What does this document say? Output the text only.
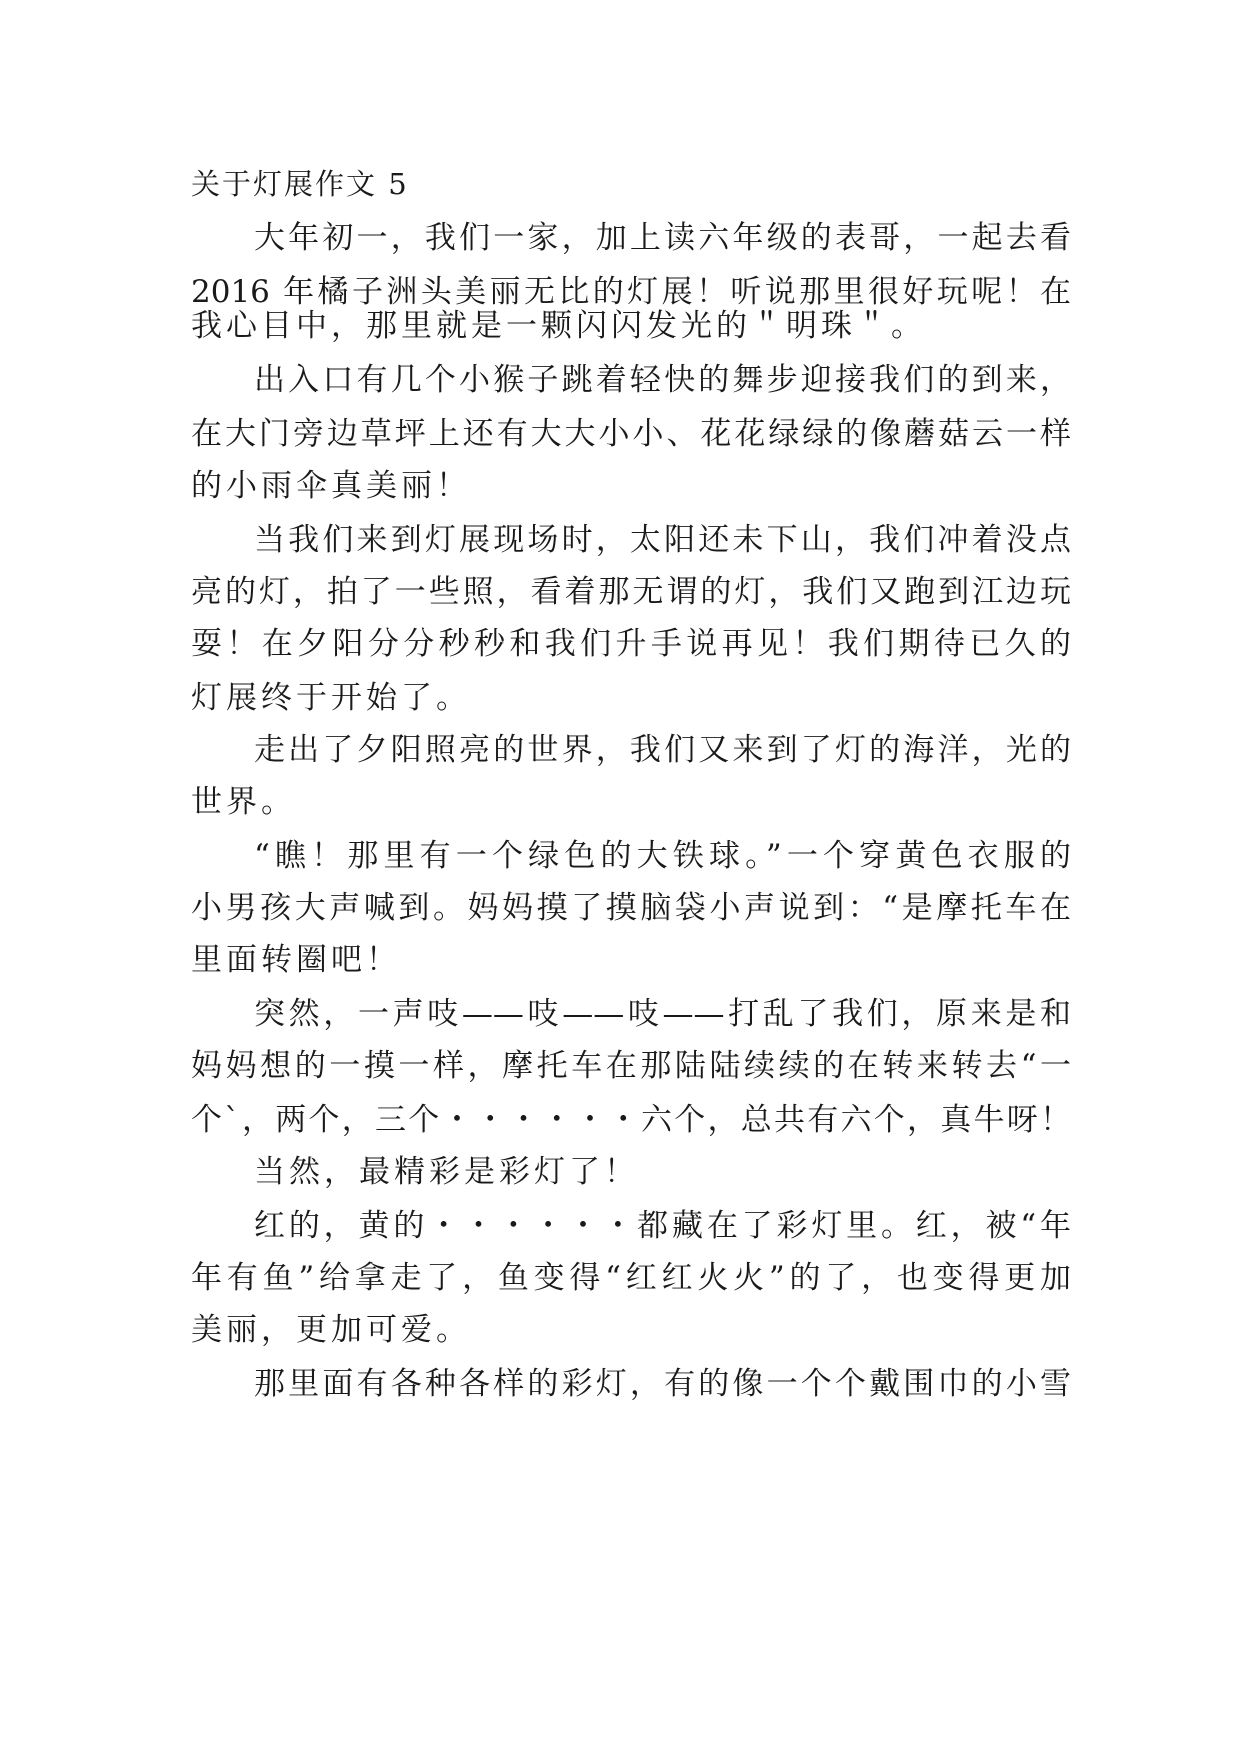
关于灯展作文 5
大年初一，我们一家，加上读六年级的表哥，一起去看
2016 年橘子洲头美丽无比的灯展！听说那里很好玩呢！在
我心目中，那里就是一颗闪闪发光的＂明珠＂。
出入口有几个小猴子跳着轻快的舞步迎接我们的到来，
在大门旁边草坪上还有大大小小、花花绿绿的像蘑菇云一样
的小雨伞真美丽！
当我们来到灯展现场时，太阳还未下山，我们冲着没点
亮的灯，拍了一些照，看着那无谓的灯，我们又跑到江边玩
耍！在夕阳分分秒秒和我们升手说再见！我们期待已久的
灯展终于开始了。
走出了夕阳照亮的世界，我们又来到了灯的海洋，光的
世界。
“瞧！那里有一个绿色的大铁球。”一个穿黄色衣服的
小男孩大声喊到。妈妈摸了摸脑袋小声说到：“是摩托车在
里面转圈吧！
突然，一声吱——吱——吱——打乱了我们，原来是和
妈妈想的一摸一样，摩托车在那陆陆续续的在转来转去“一
个`，两个，三个・・・・・・六个，总共有六个，真牛呀！
当然，最精彩是彩灯了！
红的，黄的・・・・・・都藏在了彩灯里。红，被“年
年有鱼”给拿走了，鱼变得“红红火火”的了，也变得更加
美丽，更加可爱。
那里面有各种各样的彩灯，有的像一个个戴围巾的小雪
